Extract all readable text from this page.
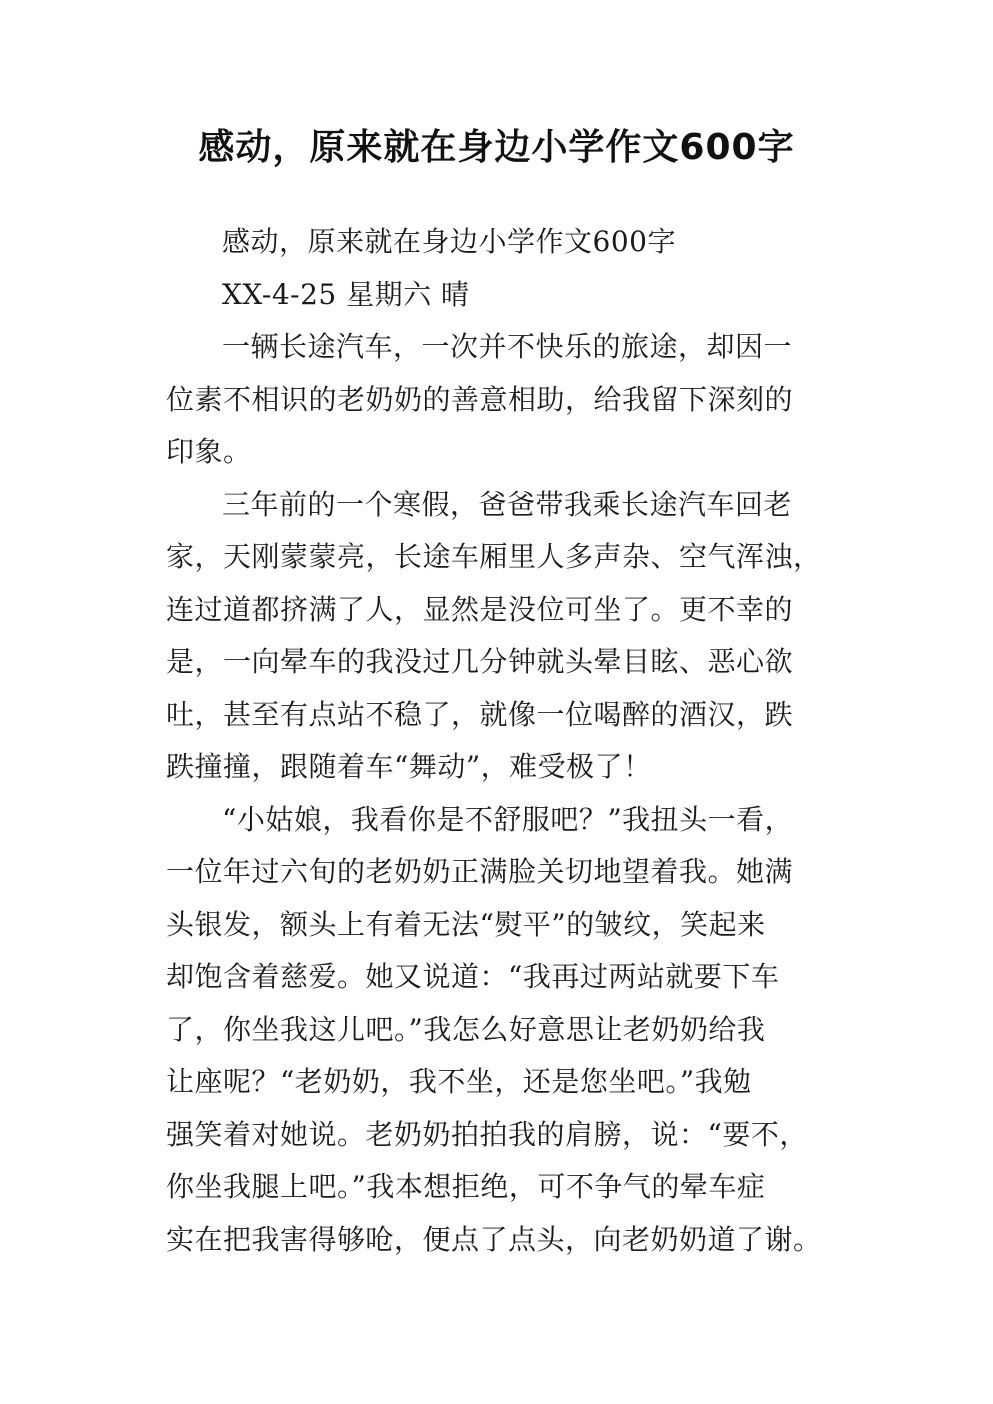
感动，原来就在身边小学作文600字

感动，原来就在身边小学作文600字

XX-4-25 星期六 晴

一辆长途汽车，一次并不快乐的旅途，却因一
位素不相识的老奶奶的善意相助，给我留下深刻的
印象。

三年前的一个寒假，爸爸带我乘长途汽车回老
家，天刚蒙蒙亮，长途车厢里人多声杂、空气浑浊，
连过道都挤满了人，显然是没位可坐了。更不幸的
是，一向晕车的我没过几分钟就头晕目眩、恶心欲
吐，甚至有点站不稳了，就像一位喝醉的酒汉，跌
跌撞撞，跟随着车“舞动”，难受极了！

“小姑娘，我看你是不舒服吧？”我扭头一看，
一位年过六旬的老奶奶正满脸关切地望着我。她满
头银发，额头上有着无法“熨平”的皱纹，笑起来
却饱含着慈爱。她又说道：“我再过两站就要下车
了，你坐我这儿吧。”我怎么好意思让老奶奶给我
让座呢？“老奶奶，我不坐，还是您坐吧。”我勉
强笑着对她说。老奶奶拍拍我的肩膀，说：“要不，
你坐我腿上吧。”我本想拒绝，可不争气的晕车症
实在把我害得够呛，便点了点头，向老奶奶道了谢。
